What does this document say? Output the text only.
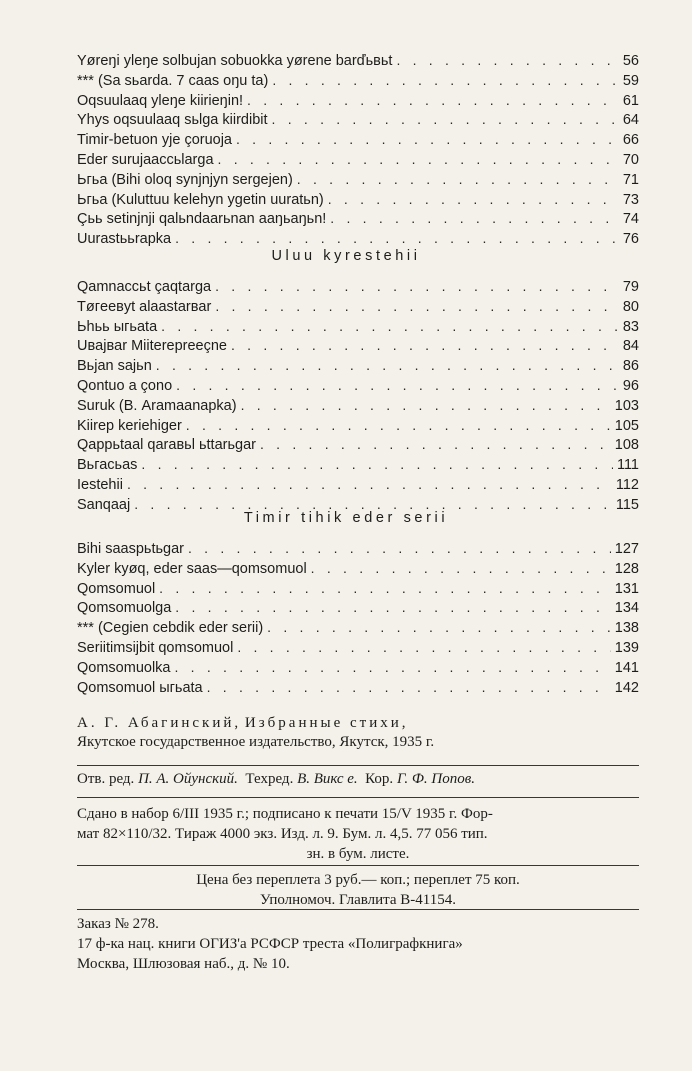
Yøreŋi yleŋe solbujan sobuokka yørene barďьвьt . . .	56
*** (Sa sьarda. 7 caas oŋu ta) . . .	59
Oqsuulaaq yleŋe kiirieŋin! . . .	61
Yhys oqsuulaaq sьlga kiirdibit . . .	64
Timir-betuon yje çoruoja . . .	66
Eder surujaaccьlarga . . .	70
Ьгьа (Bihi oloq synjnjyn sergejen) . . .	71
Ьгьа (Kuluttuu kelehyn ygetin uuratьn) . . .	73
Çьь setinjnji qalьndaarьnan aaŋьaŋьn! . . .	74
Uurastььrapka . . .	76
Uluu kyrestehii
Qamnaccьt çaqtarga . . .	79
Тøгeeвyt alaastarвar . . .	80
Ьhьь ыгьata . . .	83
Uвajвar Miiterepreeçne . . .	84
Вьjan sajьn . . .	86
Qontuo a çono . . .	96
Suruk (В. Aramaanapka) . . .	103
Kiirep keriehiger . . .	105
Qappьtaal qaraвьl ьttarьgar . . .	108
Вьгасьаs . . .	111
Iestehii . . .	112
Sanqaaj . . .	115
Timir tihik eder serii
Bihi saaspьtьgar . . .	127
Kyler kyøq, eder saas—qomsomuol . . .	128
Qomsomuol . . .	131
Qomsomuolga . . .	134
*** (Cegien cebdik eder serii) . . .	138
Seriitimsijbit qomsomuol . . .	139
Qomsomuolka . . .	141
Qomsomuol ыгьata . . .	142
А. Г. Абагинский, Избранные стихи,
Якутское государственное издательство, Якутск, 1935 г.
Отв. ред. П. А. Ойунский. Техред. В. Викс е. Кор. Г. Ф. Попов.
Сдано в набор 6/III 1935 г.; подписано к печати 15/V 1935 г. Фор-
мат 82×110/32. Тираж 4000 экз. Изд. л. 9. Бум. л. 4,5. 77 056 тип.
зн. в бум. листе.
Цена без переплета 3 руб.— коп.; переплет 75 коп.
Уполномоч. Главлита В-41154.
Заказ № 278.
17 ф-ка нац. книги ОГИЗ'а РСФСР треста «Полиграфкнига»
Москва, Шлюзовая наб., д. № 10.
